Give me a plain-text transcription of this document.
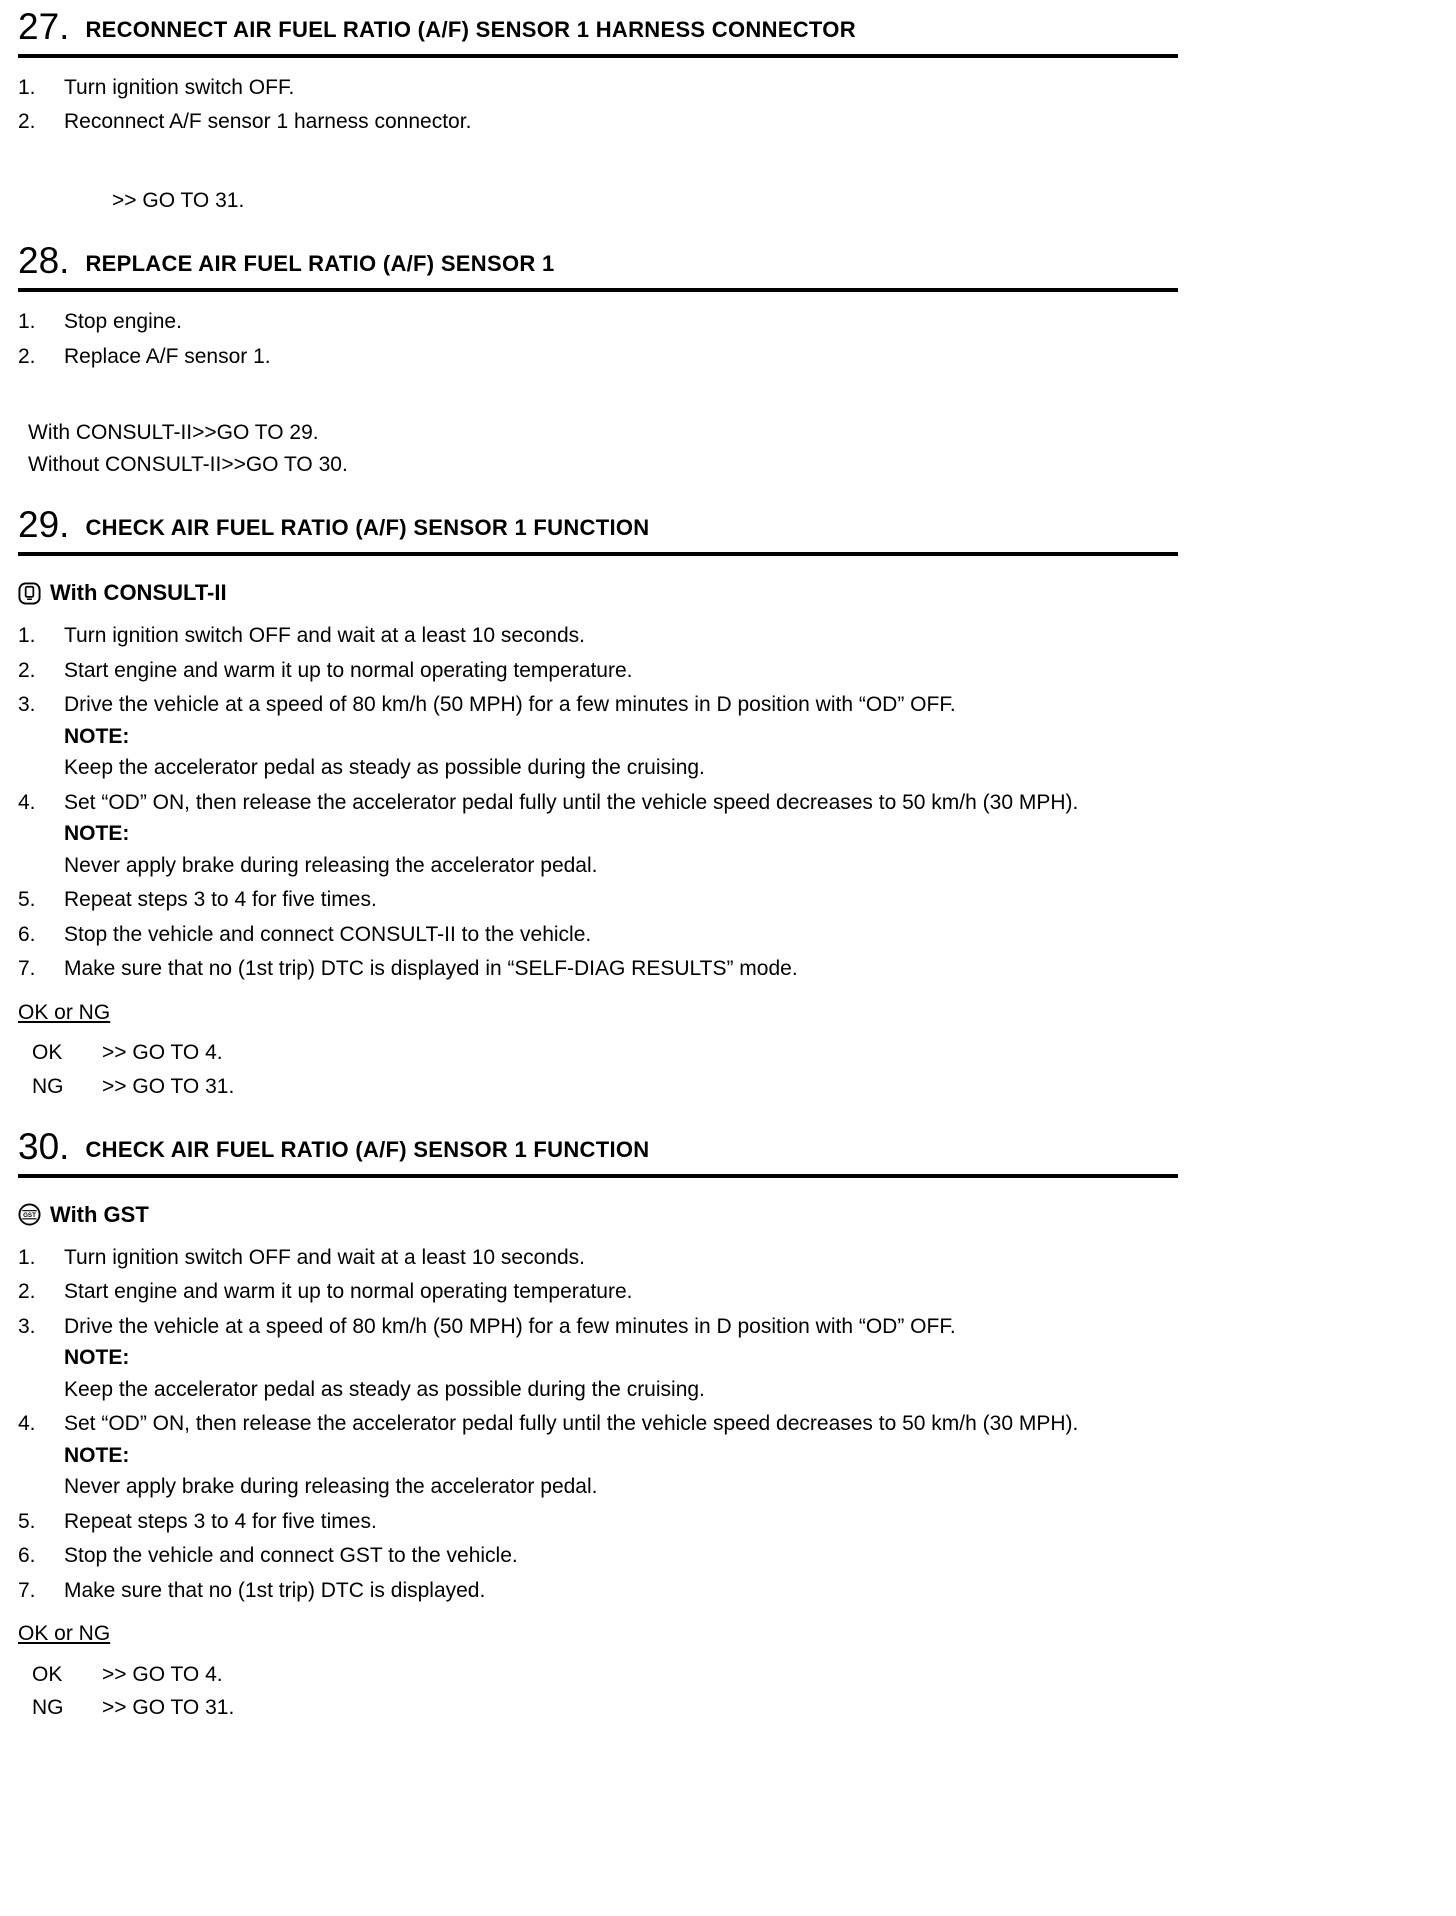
27. RECONNECT AIR FUEL RATIO (A/F) SENSOR 1 HARNESS CONNECTOR
1.	Turn ignition switch OFF.
2.	Reconnect A/F sensor 1 harness connector.
>> GO TO 31.
28. REPLACE AIR FUEL RATIO (A/F) SENSOR 1
1.	Stop engine.
2.	Replace A/F sensor 1.
With CONSULT-II>>GO TO 29.
Without CONSULT-II>>GO TO 30.
29. CHECK AIR FUEL RATIO (A/F) SENSOR 1 FUNCTION
With CONSULT-II
1.	Turn ignition switch OFF and wait at a least 10 seconds.
2.	Start engine and warm it up to normal operating temperature.
3.	Drive the vehicle at a speed of 80 km/h (50 MPH) for a few minutes in D position with “OD” OFF.
NOTE:
Keep the accelerator pedal as steady as possible during the cruising.
4.	Set “OD” ON, then release the accelerator pedal fully until the vehicle speed decreases to 50 km/h (30 MPH).
NOTE:
Never apply brake during releasing the accelerator pedal.
5.	Repeat steps 3 to 4 for five times.
6.	Stop the vehicle and connect CONSULT-II to the vehicle.
7.	Make sure that no (1st trip) DTC is displayed in “SELF-DIAG RESULTS” mode.
OK or NG
OK	>> GO TO 4.
NG	>> GO TO 31.
30. CHECK AIR FUEL RATIO (A/F) SENSOR 1 FUNCTION
GST With GST
1.	Turn ignition switch OFF and wait at a least 10 seconds.
2.	Start engine and warm it up to normal operating temperature.
3.	Drive the vehicle at a speed of 80 km/h (50 MPH) for a few minutes in D position with “OD” OFF.
NOTE:
Keep the accelerator pedal as steady as possible during the cruising.
4.	Set “OD” ON, then release the accelerator pedal fully until the vehicle speed decreases to 50 km/h (30 MPH).
NOTE:
Never apply brake during releasing the accelerator pedal.
5.	Repeat steps 3 to 4 for five times.
6.	Stop the vehicle and connect GST to the vehicle.
7.	Make sure that no (1st trip) DTC is displayed.
OK or NG
OK	>> GO TO 4.
NG	>> GO TO 31.
